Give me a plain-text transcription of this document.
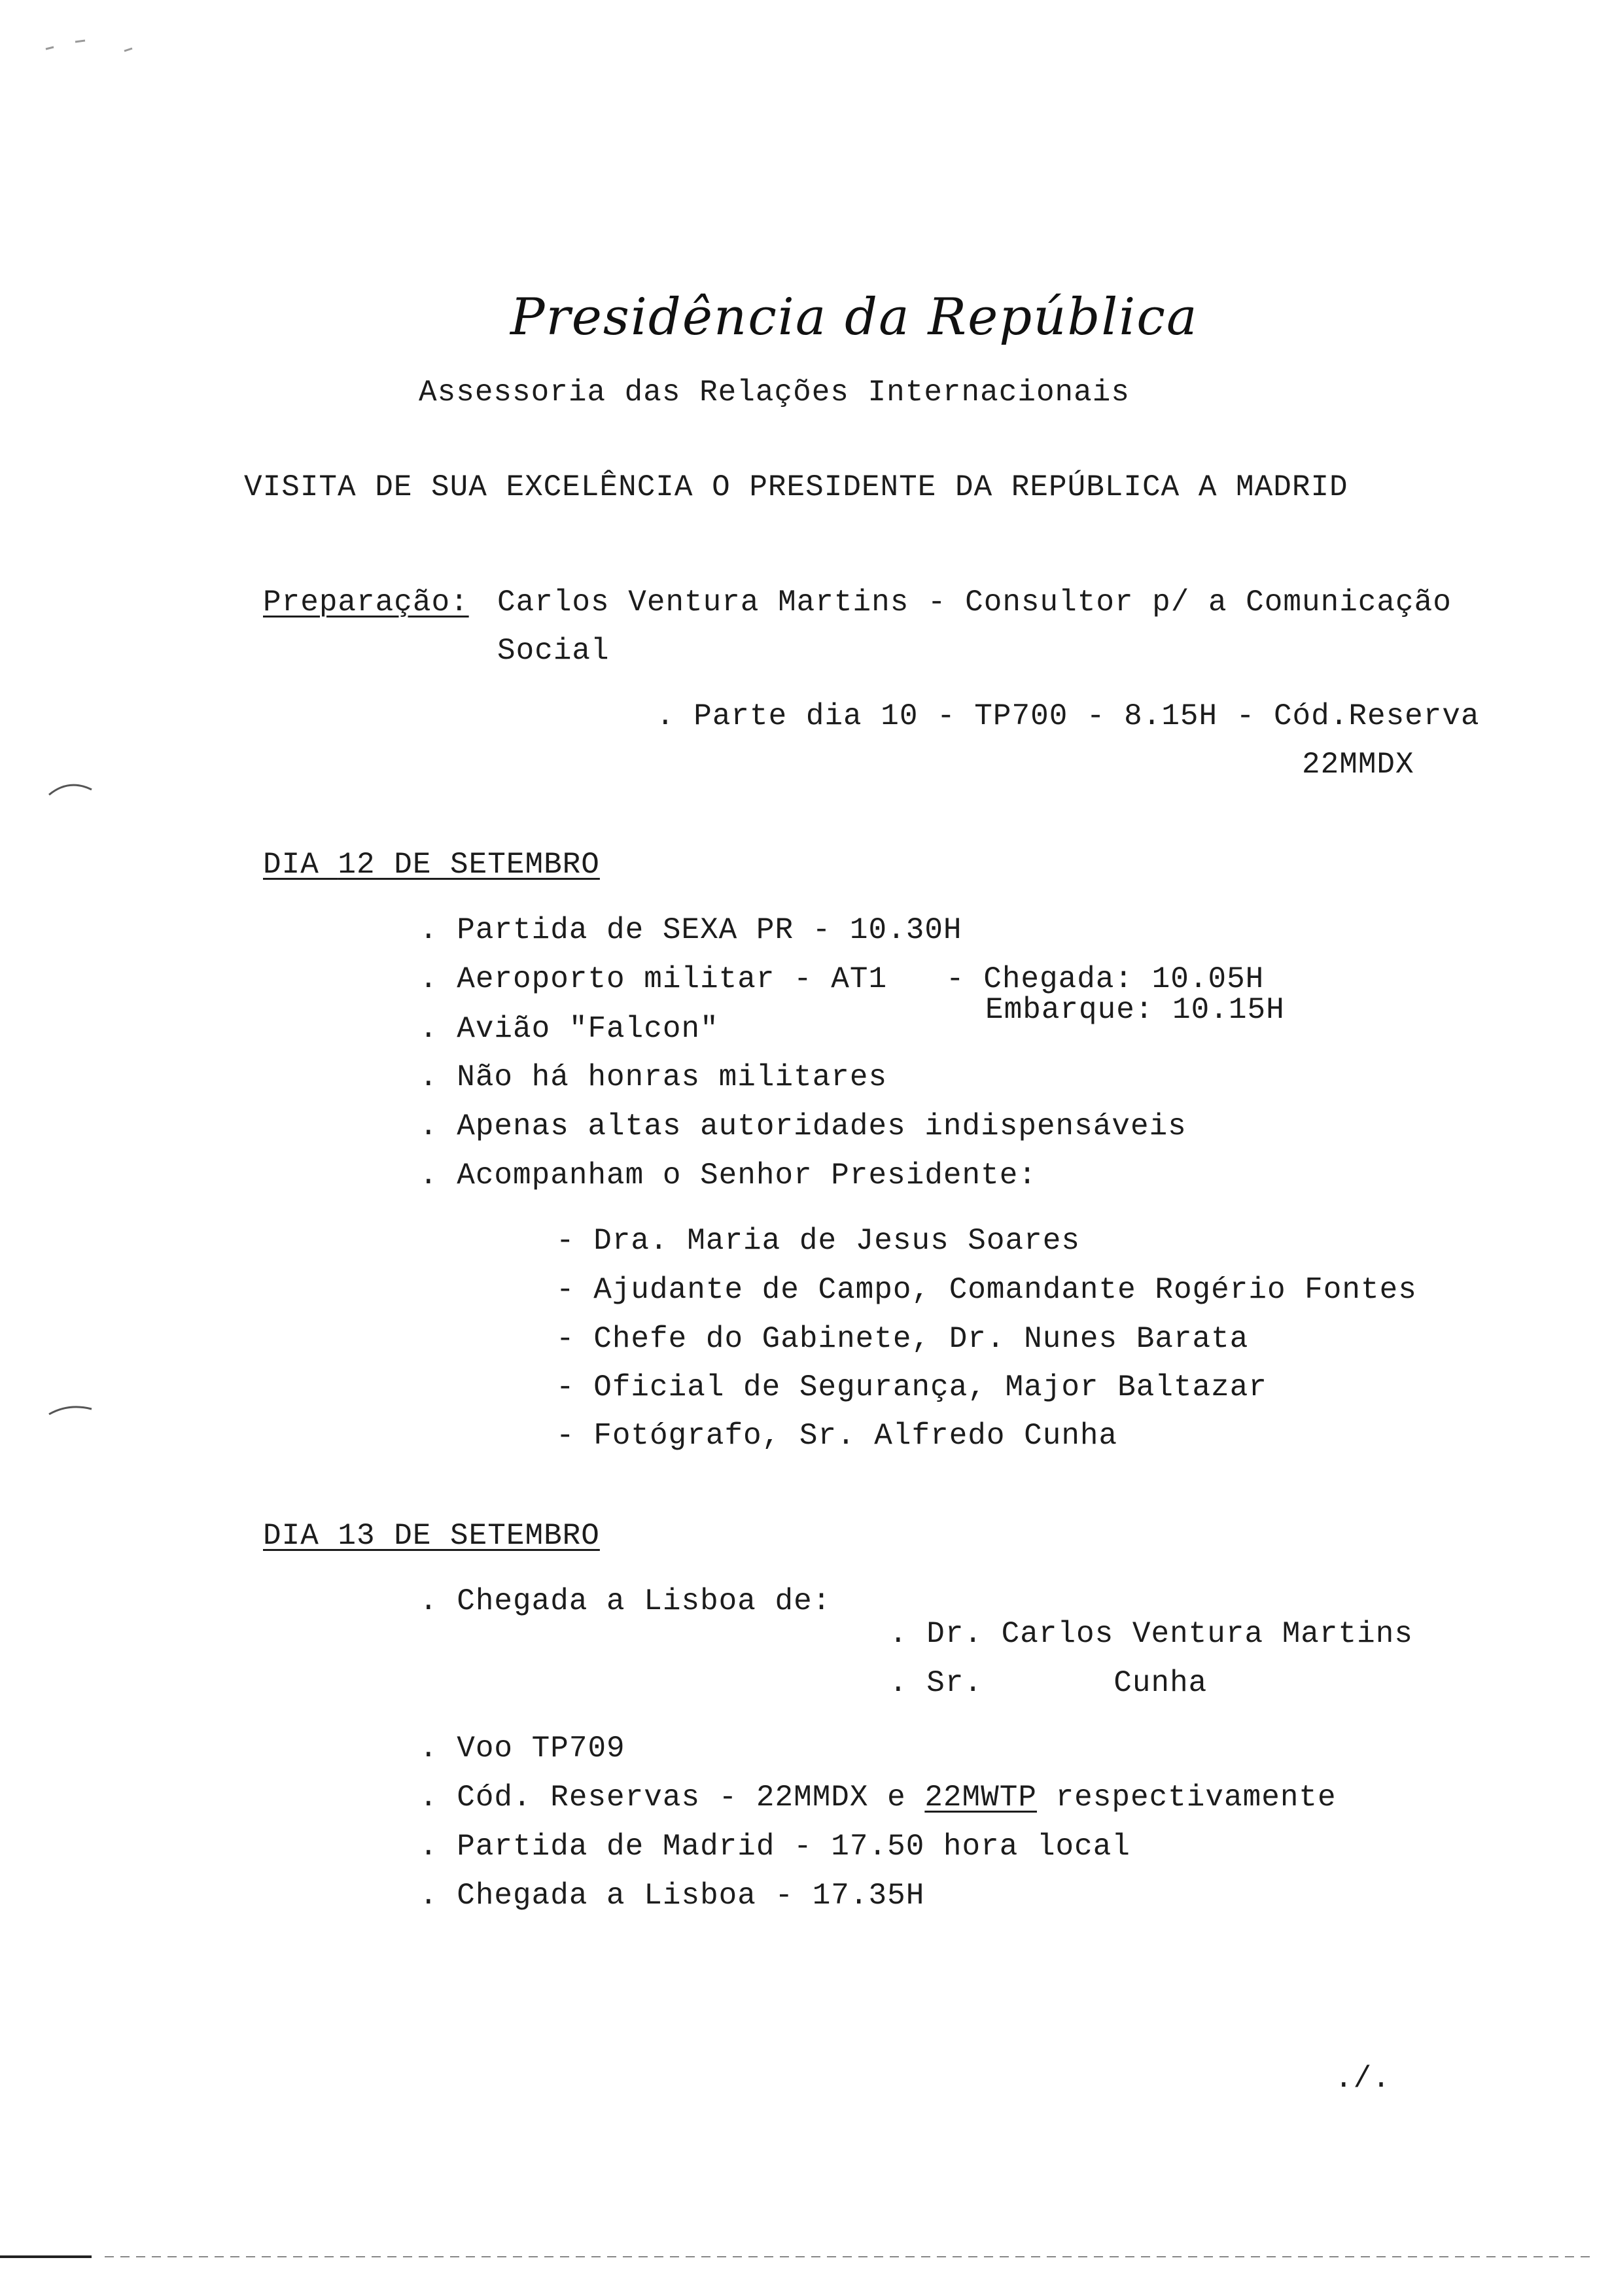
Presidência da República
Assessoria das Relações Internacionais
VISITA DE SUA EXCELÊNCIA O PRESIDENTE DA REPÚBLICA A MADRID
Preparação: Carlos Ventura Martins - Consultor p/ a Comunicação
Social
. Parte dia 10 - TP700 - 8.15H - Cód.Reserva
22MMDX
DIA 12 DE SETEMBRO
. Partida de SEXA PR - 10.30H
. Aeroporto militar - AT1 - Chegada: 10.05H
Embarque: 10.15H
. Avião "Falcon"
. Não há honras militares
. Apenas altas autoridades indispensáveis
. Acompanham o Senhor Presidente:
- Dra. Maria de Jesus Soares
- Ajudante de Campo, Comandante Rogério Fontes
- Chefe do Gabinete, Dr. Nunes Barata
- Oficial de Segurança, Major Baltazar
- Fotógrafo, Sr. Alfredo Cunha
DIA 13 DE SETEMBRO
. Chegada a Lisboa de:
. Dr. Carlos Ventura Martins
. Sr.       Cunha
. Voo TP709
. Cód. Reservas - 22MMDX e 22MWTP respectivamente
. Partida de Madrid - 17.50 hora local
. Chegada a Lisboa - 17.35H
./.
